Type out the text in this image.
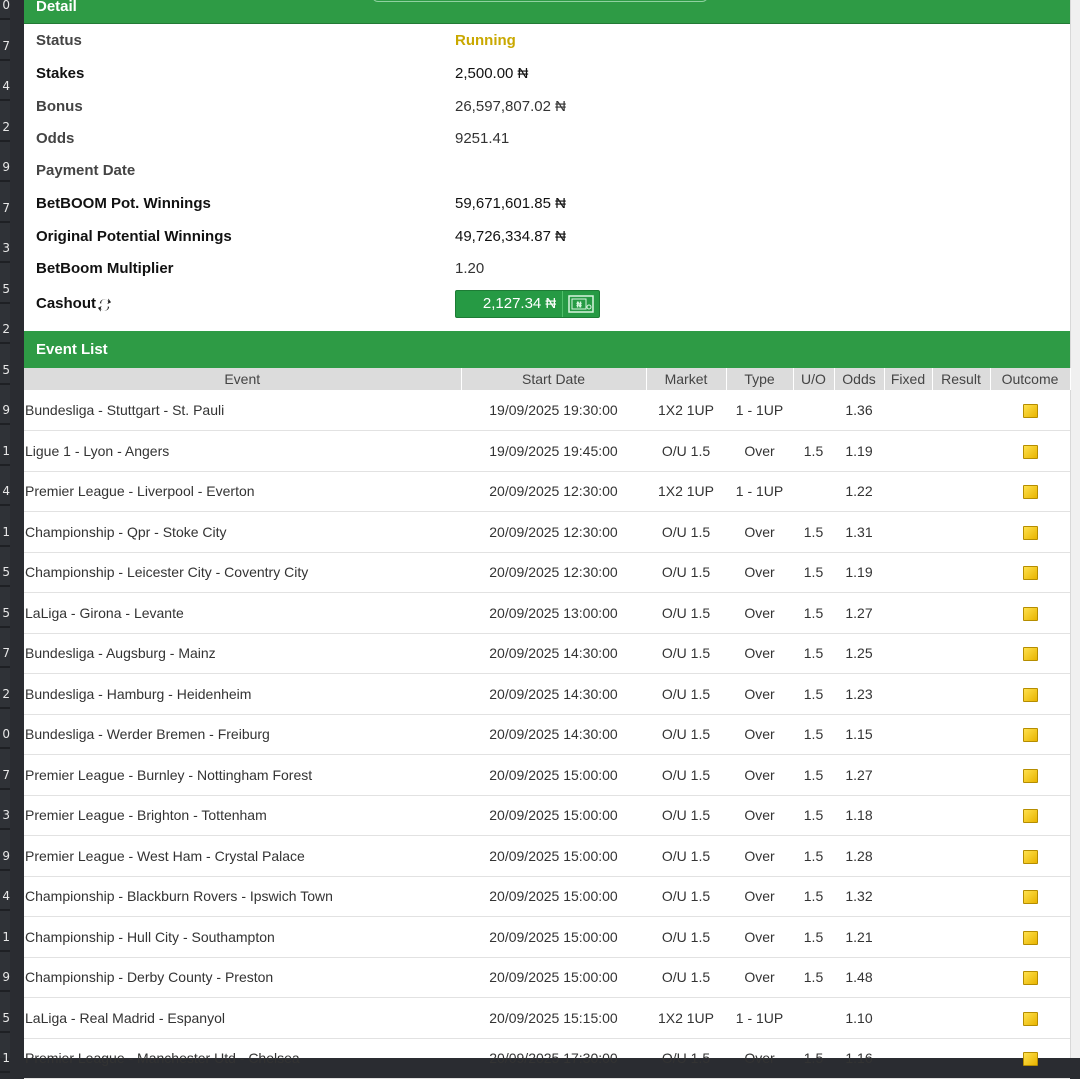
0
7
4
2
9
7
3
5
2
5
9
1
4
1
5
5
7
2
0
7
3
9
4
1
9
5
1
Detail
Status	Running
Stakes	2,500.00 ₦
Bonus	26,597,807.02 ₦
Odds	9251.41
Payment Date
BetBOOM Pot. Winnings	59,671,601.85 ₦
Original Potential Winnings	49,726,334.87 ₦
BetBoom Multiplier	1.20
Cashout	2,127.34 ₦	₦
Event List
Event	Start Date	Market	Type	U/O	Odds	Fixed	Result	Outcome
Bundesliga - Stuttgart - St. Pauli	19/09/2025 19:30:00	1X2 1UP	1 - 1UP		1.36			
Ligue 1 - Lyon - Angers	19/09/2025 19:45:00	O/U 1.5	Over	1.5	1.19			
Premier League - Liverpool - Everton	20/09/2025 12:30:00	1X2 1UP	1 - 1UP		1.22			
Championship - Qpr - Stoke City	20/09/2025 12:30:00	O/U 1.5	Over	1.5	1.31			
Championship - Leicester City - Coventry City	20/09/2025 12:30:00	O/U 1.5	Over	1.5	1.19			
LaLiga - Girona - Levante	20/09/2025 13:00:00	O/U 1.5	Over	1.5	1.27			
Bundesliga - Augsburg - Mainz	20/09/2025 14:30:00	O/U 1.5	Over	1.5	1.25			
Bundesliga - Hamburg - Heidenheim	20/09/2025 14:30:00	O/U 1.5	Over	1.5	1.23			
Bundesliga - Werder Bremen - Freiburg	20/09/2025 14:30:00	O/U 1.5	Over	1.5	1.15			
Premier League - Burnley - Nottingham Forest	20/09/2025 15:00:00	O/U 1.5	Over	1.5	1.27			
Premier League - Brighton - Tottenham	20/09/2025 15:00:00	O/U 1.5	Over	1.5	1.18			
Premier League - West Ham - Crystal Palace	20/09/2025 15:00:00	O/U 1.5	Over	1.5	1.28			
Championship - Blackburn Rovers - Ipswich Town	20/09/2025 15:00:00	O/U 1.5	Over	1.5	1.32			
Championship - Hull City - Southampton	20/09/2025 15:00:00	O/U 1.5	Over	1.5	1.21			
Championship - Derby County - Preston	20/09/2025 15:00:00	O/U 1.5	Over	1.5	1.48			
LaLiga - Real Madrid - Espanyol	20/09/2025 15:15:00	1X2 1UP	1 - 1UP		1.10			
Premier League - Manchester Utd - Chelsea	20/09/2025 17:30:00	O/U 1.5	Over	1.5	1.16			
